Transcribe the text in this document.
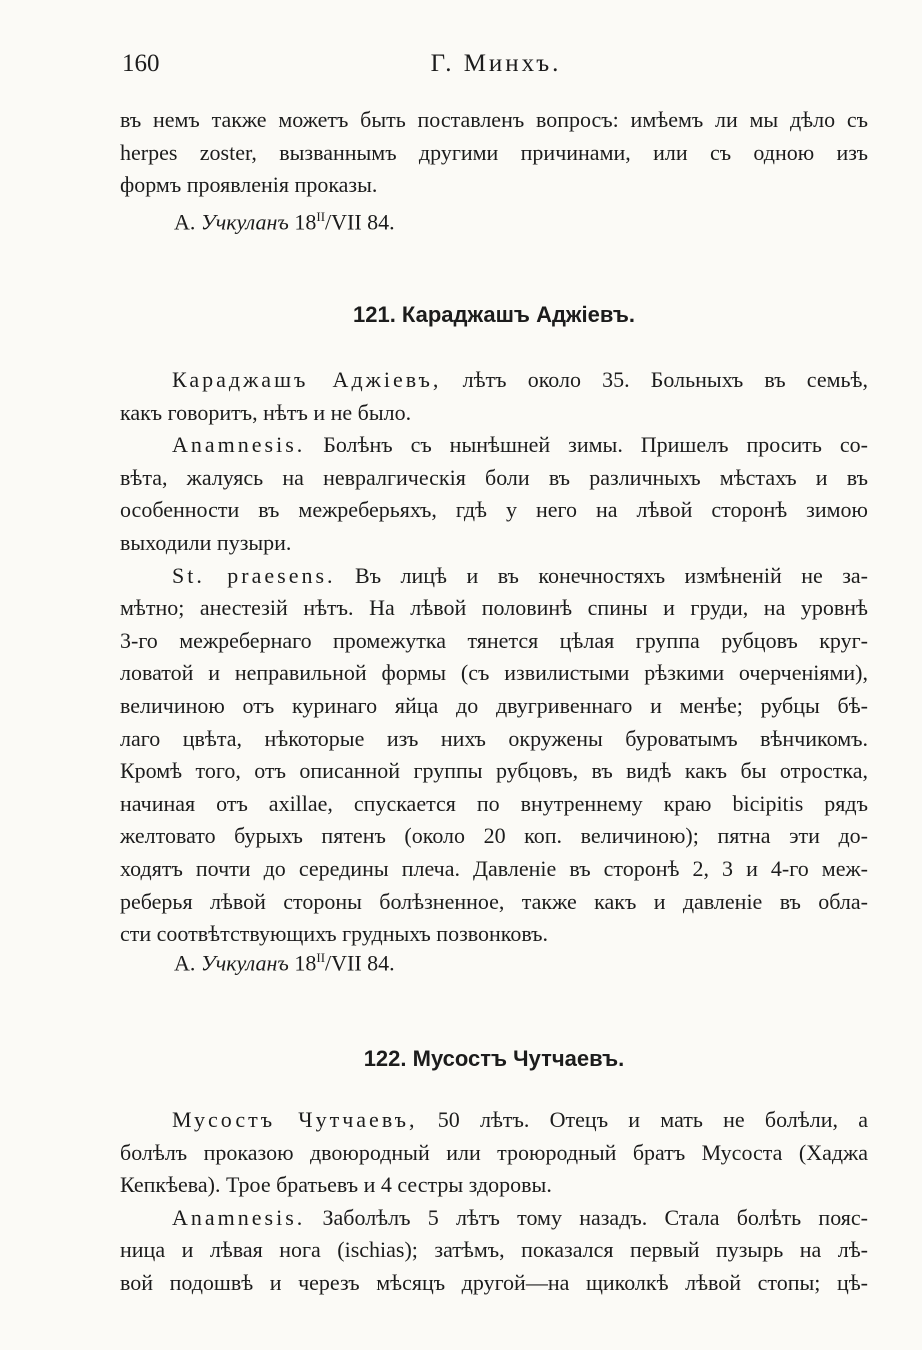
160	Г. Минхъ.
въ немъ также можетъ быть поставленъ вопросъ: имѣемъ ли мы дѣло съ
herpes zoster, вызваннымъ другими причинами, или съ одною изъ
формъ проявленія проказы.
А. Учкуланъ $18^{II}$/VII 84.
121. Караджашъ Аджіевъ.
Караджашъ Аджіевъ, лѣтъ около 35. Больныхъ въ семьѣ,
какъ говоритъ, нѣтъ и не было.
Anamnesis. Болѣнъ съ нынѣшней зимы. Пришелъ просить со-
вѣта, жалуясь на невралгическія боли въ различныхъ мѣстахъ и въ
особенности въ межреберьяхъ, гдѣ у него на лѣвой сторонѣ зимою
выходили пузыри.
St. praesens. Въ лицѣ и въ конечностяхъ измѣненій не за-
мѣтно; анестезій нѣтъ. На лѣвой половинѣ спины и груди, на уровнѣ
3-го межребернаго промежутка тянется цѣлая группа рубцовъ круг-
ловатой и неправильной формы (съ извилистыми рѣзкими очерченіями),
величиною отъ куринаго яйца до двугривеннаго и менѣе; рубцы бѣ-
лаго цвѣта, нѣкоторые изъ нихъ окружены буроватымъ вѣнчикомъ.
Кромѣ того, отъ описанной группы рубцовъ, въ видѣ какъ бы отростка,
начиная отъ axillae, спускается по внутреннему краю bicipitis рядъ
желтовато бурыхъ пятенъ (около 20 коп. величиною); пятна эти до-
ходятъ почти до середины плеча. Давленіе въ сторонѣ 2, 3 и 4-го меж-
реберья лѣвой стороны болѣзненное, также какъ и давленіе въ обла-
сти соотвѣтствующихъ грудныхъ позвонковъ.
А. Учкуланъ $18^{II}$/VII 84.
122. Мусостъ Чутчаевъ.
Мусостъ Чутчаевъ, 50 лѣтъ. Отецъ и мать не болѣли, а
болѣлъ проказою двоюродный или троюродный братъ Мусоста (Хаджа
Кепкѣева). Трое братьевъ и 4 сестры здоровы.
Anamnesis. Заболѣлъ 5 лѣтъ тому назадъ. Стала болѣть пояс-
ница и лѣвая нога (ischias); затѣмъ, показался первый пузырь на лѣ-
вой подошвѣ и черезъ мѣсяцъ другой—на щиколкѣ лѣвой стопы; цѣ-
